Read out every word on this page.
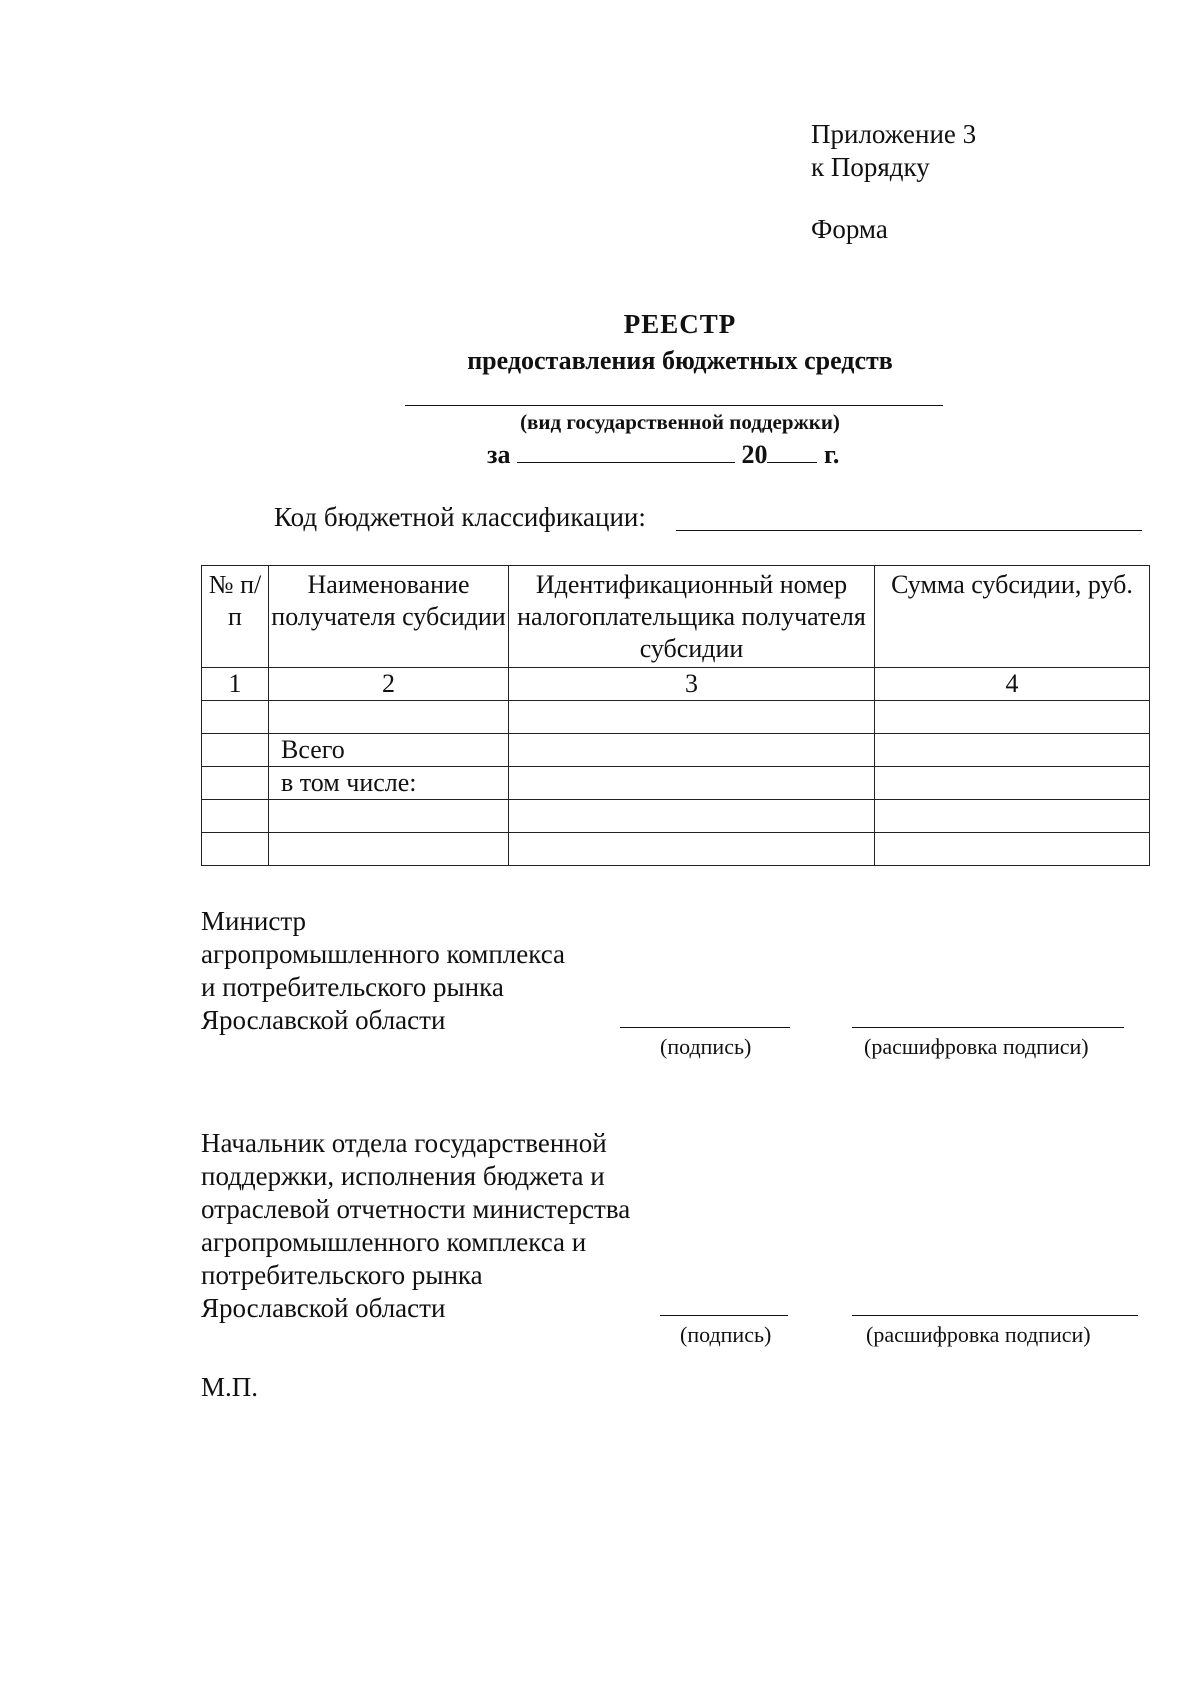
Приложение 3
к Порядку
Форма
РЕЕСТР
предоставления бюджетных средств
(вид государственной поддержки)
за	20 г.
Код бюджетной классификации:
№ п/п	Наименование получателя субсидии	Идентификационный номер налогоплательщика получателя субсидии	Сумма субсидии, руб.
1	2	3	4

	Всего		
	в том числе:		

Министр
агропромышленного комплекса
и потребительского рынка
Ярославской области
(подпись)	(расшифровка подписи)
Начальник отдела государственной
поддержки, исполнения бюджета и
отраслевой отчетности министерства
агропромышленного комплекса и
потребительского рынка
Ярославской области
(подпись)	(расшифровка подписи)
М.П.
